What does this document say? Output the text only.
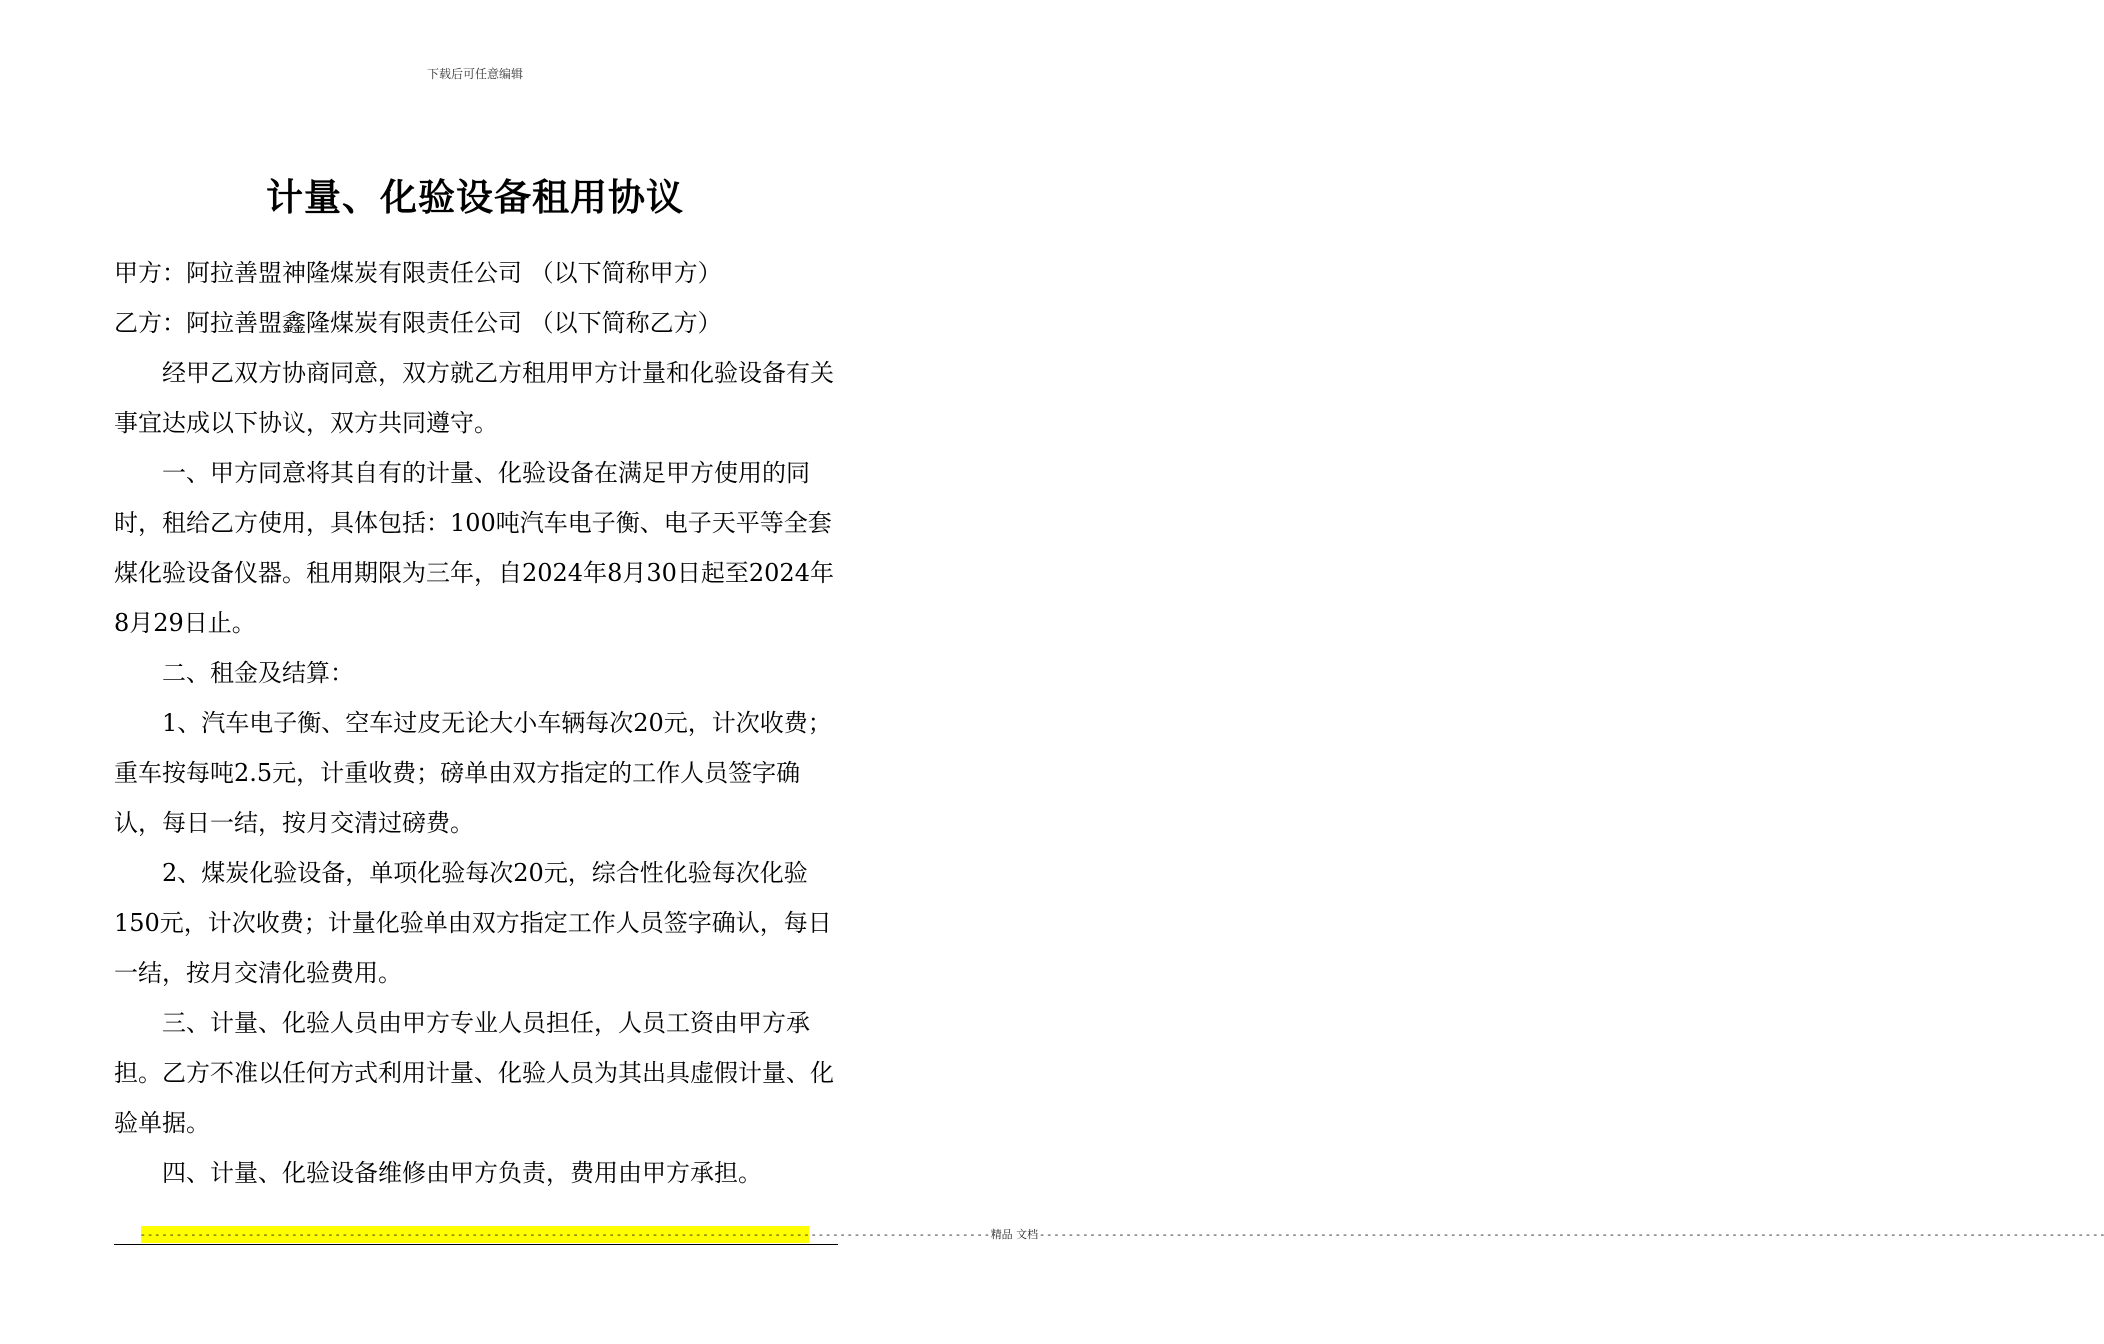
下载后可任意编辑
计量、化验设备租用协议

甲方：阿拉善盟神隆煤炭有限责任公司 （以下简称甲方）

乙方：阿拉善盟鑫隆煤炭有限责任公司 （以下简称乙方）

经甲乙双方协商同意，双方就乙方租用甲方计量和化验设备有关事宜达成以下协议，双方共同遵守。

一、甲方同意将其自有的计量、化验设备在满足甲方使用的同时，租给乙方使用，具体包括：100吨汽车电子衡、电子天平等全套煤化验设备仪器。租用期限为三年，自2024年8月30日起至2024年8月29日止。

二、租金及结算：

1、汽车电子衡、空车过皮无论大小车辆每次20元，计次收费；重车按每吨2.5元，计重收费；磅单由双方指定的工作人员签字确认，每日一结，按月交清过磅费。

2、煤炭化验设备，单项化验每次20元，综合性化验每次化验150元，计次收费；计量化验单由双方指定工作人员签字确认，每日一结，按月交清化验费用。

三、计量、化验人员由甲方专业人员担任，人员工资由甲方承担。乙方不准以任何方式利用计量、化验人员为其出具虚假计量、化验单据。

四、计量、化验设备维修由甲方负责，费用由甲方承担。

- - - - - - - - - - - - - - - - - - - - - - - - - - - - - - - - - - - - - - - - - - - - - - - - - - - - - - - - - - - - - - - - - - - - - - - - - - - - - - - - - - - - - - - - - - - - - - - - - - - - - - - - - - - - - - - - - - - - - - 精品 文档 - - - - - - - - - - - - - - - - - - - - - - - - - - - - - - - - - - - - - - - - - - - - - - - - - - - - - - - - - - - - - - - - - - - - - - - - - - - - - - - - - - - - - - - - - - - - - - - - - - - - - - - - - - - - - - - - - - - - - - - - - - - - - - - - - - - - - - - - - - - - - - - - - - - -
